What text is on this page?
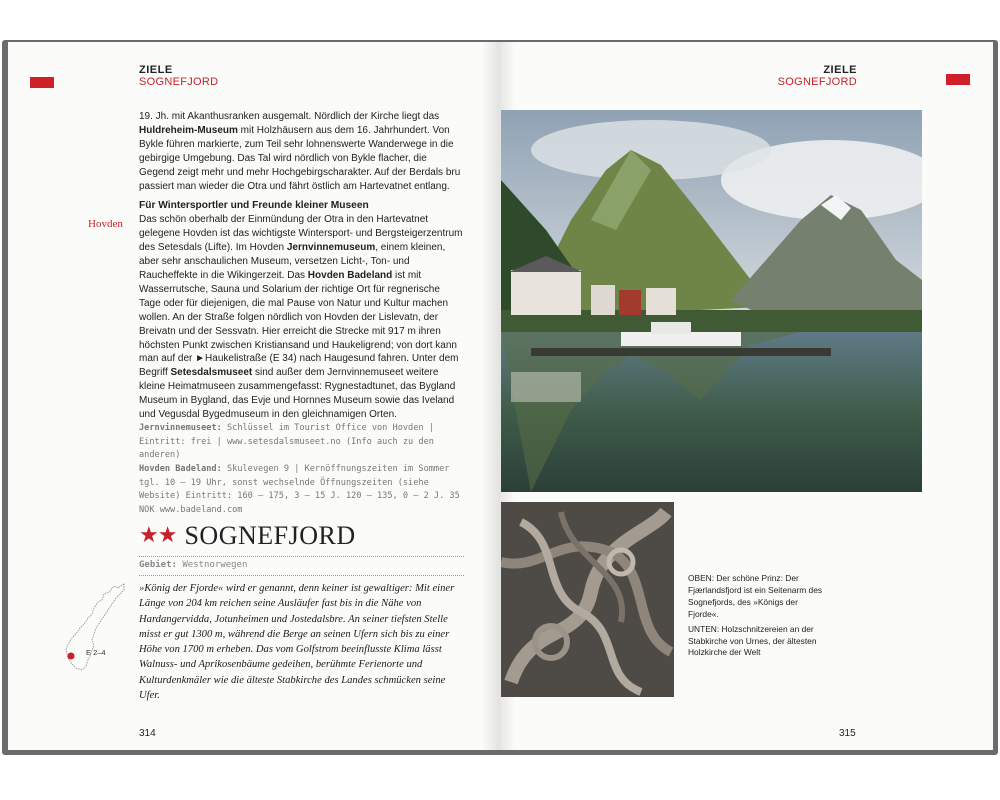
ZIELE
SOGNEFJORD

19. Jh. mit Akanthusranken ausgemalt. Nördlich der Kirche liegt das Huldreheim-Museum mit Holzhäusern aus dem 16. Jahrhundert. Von Bykle führen markierte, zum Teil sehr lohnenswerte Wanderwege in die gebirgige Umgebung. Das Tal wird nördlich von Bykle flacher, die Gegend zeigt mehr und mehr Hochgebirgscharakter. Auf der Berdals bru passiert man wieder die Otra und fährt östlich am Hartevatnet entlang.

Für Wintersportler und Freunde kleiner Museen

Das schön oberhalb der Einmündung der Otra in den Hartevatnet gelegene Hovden ist das wichtigste Wintersport- und Bergsteigerzentrum des Setesdals (Lifte). Im Hovden Jernvinnemuseum, einem kleinen, aber sehr anschaulichen Museum, versetzen Licht-, Ton- und Raucheffekte in die Wikingerzeit. Das Hovden Badeland ist mit Wasserrutsche, Sauna und Solarium der richtige Ort für regnerische Tage oder für diejenigen, die mal Pause von Natur und Kultur machen wollen. An der Straße folgen nördlich von Hovden der Lislevatn, der Breivatn und der Sessvatn. Hier erreicht die Strecke mit 917 m ihren höchsten Punkt zwischen Kristiansand und Haukeligrend; von dort kann man auf der ►Haukelistraße (E 34) nach Haugesund fahren. Unter dem Begriff Setesdalsmuseet sind außer dem Jernvinnemuseet weitere kleine Heimatmuseen zusammengefasst: Rygnestadtunet, das Bygland Museum in Bygland, das Evje und Hornnes Museum sowie das Iveland und Vegusdal Bygedmuseum in den gleichnamigen Orten.

Jernvinnemuseet: Schlüssel im Tourist Office von Hovden | Eintritt: frei | www.setesdalsmuseet.no (Info auch zu den anderen)

Hovden Badeland: Skulevegen 9 | Kernöffnungszeiten im Sommer tgl. 10 – 19 Uhr, sonst wechselnde Öffnungszeiten (siehe Website) Eintritt: 160 – 175, 3 – 15 J. 120 – 135, 0 – 2 J. 35 NOK www.badeland.com

Hovden
★★ SOGNEFJORD
Gebiet: Westnorwegen
»König der Fjorde« wird er genannt, denn keiner ist gewaltiger: Mit einer Länge von 204 km reichen seine Ausläufer fast bis in die Nähe von Hardangervidda, Jotunheimen und Jostedalsbre. An seiner tiefsten Stelle misst er gut 1300 m, während die Berge an seinen Ufern sich bis zu einer Höhe von 1700 m erheben. Das vom Golfstrom beeinflusste Klima lässt Walnuss- und Aprikosenbäume gedeihen, berühmte Ferienorte und Kulturdenkmäler wie die älteste Stabkirche des Landes schmücken seine Ufer.
E 2–4
314
ZIELE
SOGNEFJORD

OBEN: Der schöne Prinz: Der Fjærlandsfjord ist ein Seitenarm des Sognefjords, des »Königs der Fjorde«.

UNTEN: Holzschnitzereien an der Stabkirche von Urnes, der ältesten Holzkirche der Welt

315
